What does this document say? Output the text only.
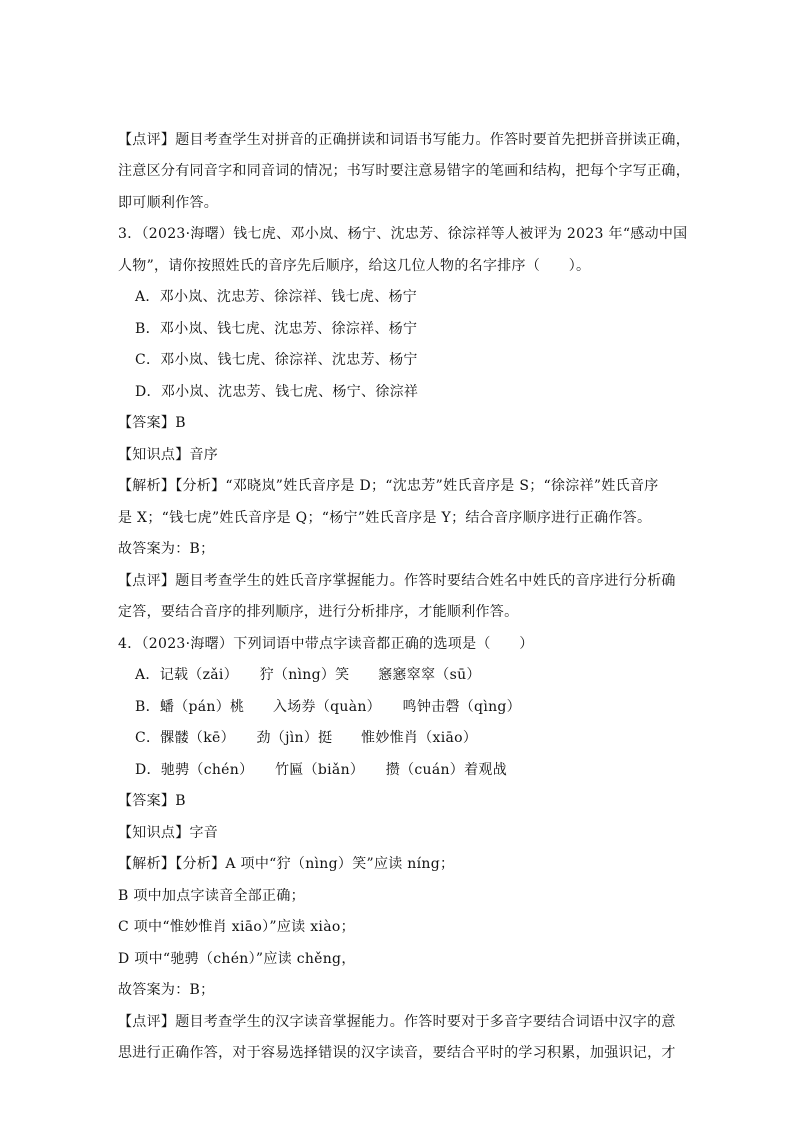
【点评】题目考查学生对拼音的正确拼读和词语书写能力。作答时要首先把拼音拼读正确，
注意区分有同音字和同音词的情况；书写时要注意易错字的笔画和结构，把每个字写正确，
即可顺利作答。
3．（2023·海曙）钱七虎、邓小岚、杨宁、沈忠芳、徐淙祥等人被评为 2023 年“感动中国
人物”，请你按照姓氏的音序先后顺序，给这几位人物的名字排序（　　）。
A．邓小岚、沈忠芳、徐淙祥、钱七虎、杨宁
B．邓小岚、钱七虎、沈忠芳、徐淙祥、杨宁
C．邓小岚、钱七虎、徐淙祥、沈忠芳、杨宁
D．邓小岚、沈忠芳、钱七虎、杨宁、徐淙祥
【答案】B
【知识点】音序
【解析】【分析】“邓晓岚”姓氏音序是 D；“沈忠芳”姓氏音序是 S；“徐淙祥”姓氏音序
是 X；“钱七虎”姓氏音序是 Q；“杨宁”姓氏音序是 Y；结合音序顺序进行正确作答。
故答案为：B；
【点评】题目考查学生的姓氏音序掌握能力。作答时要结合姓名中姓氏的音序进行分析确
定答，要结合音序的排列顺序，进行分析排序，才能顺利作答。
4．（2023·海曙）下列词语中带点字读音都正确的选项是（　　）
A．记载（zǎi）　　狞（nìng）笑　　窸窸窣窣（sū）
B．蟠（pán）桃　　入场券（quàn）　　鸣钟击磬（qìng）
C．髁髅（kē）　　劲（jìn）挺　　惟妙惟肖（xiāo）
D．驰骋（chén）　　竹匾（biǎn）　　攒（cuán）着观战
【答案】B
【知识点】字音
【解析】【分析】A 项中“狞（nìng）笑”应读 níng；
B 项中加点字读音全部正确；
C 项中“惟妙惟肖 xiāo）”应读 xiào；
D 项中“驰骋（chén）”应读 chěng，
故答案为：B；
【点评】题目考查学生的汉字读音掌握能力。作答时要对于多音字要结合词语中汉字的意
思进行正确作答，对于容易选择错误的汉字读音，要结合平时的学习积累，加强识记，才
